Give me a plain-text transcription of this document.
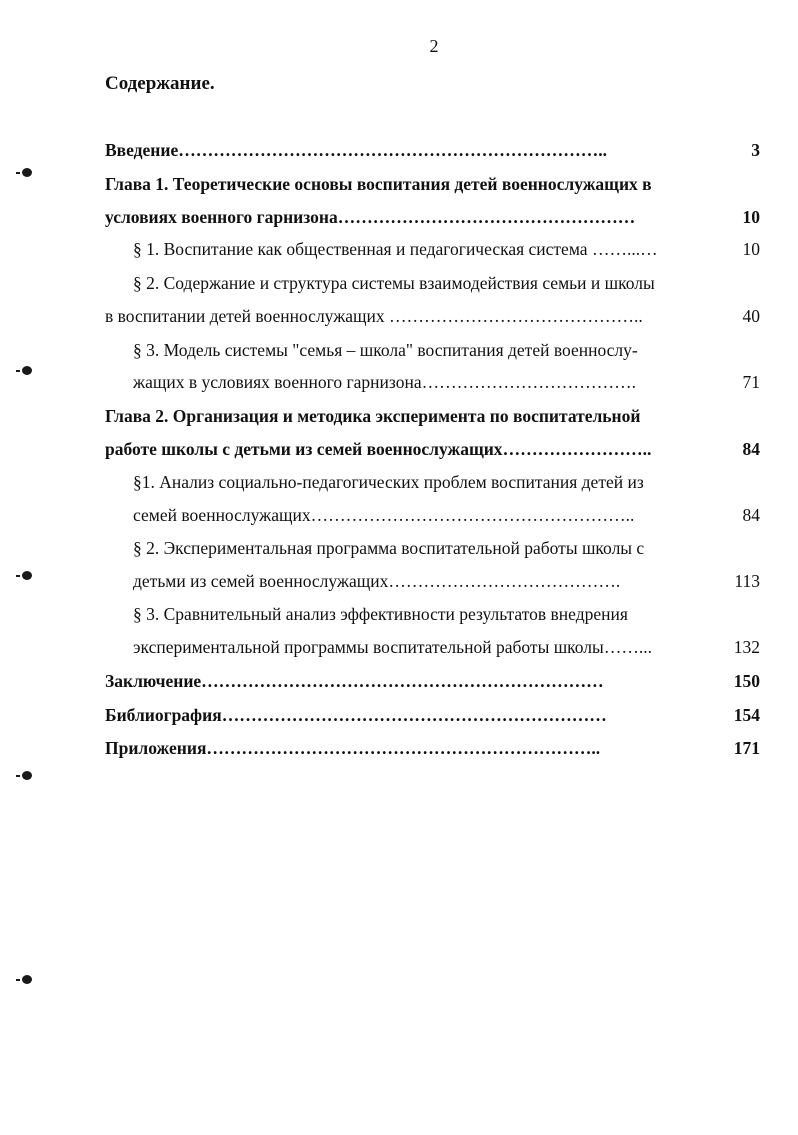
2
Содержание.
Введение………………………………………………………………..	3
Глава 1. Теоретические основы воспитания детей военнослужащих в
условиях военного гарнизона……………………………………………	10
§ 1. Воспитание как общественная и педагогическая система ……...…	10
§ 2. Содержание и структура системы взаимодействия семьи и школы
в воспитании детей военнослужащих ……………………………………..	40
§ 3. Модель системы "семья – школа" воспитания детей военнослу-
жащих в условиях военного гарнизона……………………………….	71
Глава 2. Организация и методика эксперимента по воспитательной
работе школы с детьми из семей военнослужащих……………………..	84
§1. Анализ социально-педагогических проблем воспитания детей из
семей военнослужащих………………………………………………..	84
§ 2. Экспериментальная программа воспитательной работы школы с
детьми из семей военнослужащих………………………………….	113
§ 3. Сравнительный анализ эффективности результатов внедрения
экспериментальной программы воспитательной работы школы……...	132
Заключение……………………………………………………………	150
Библиография…………………………………………………………	154
Приложения…………………………………………………………..	171
